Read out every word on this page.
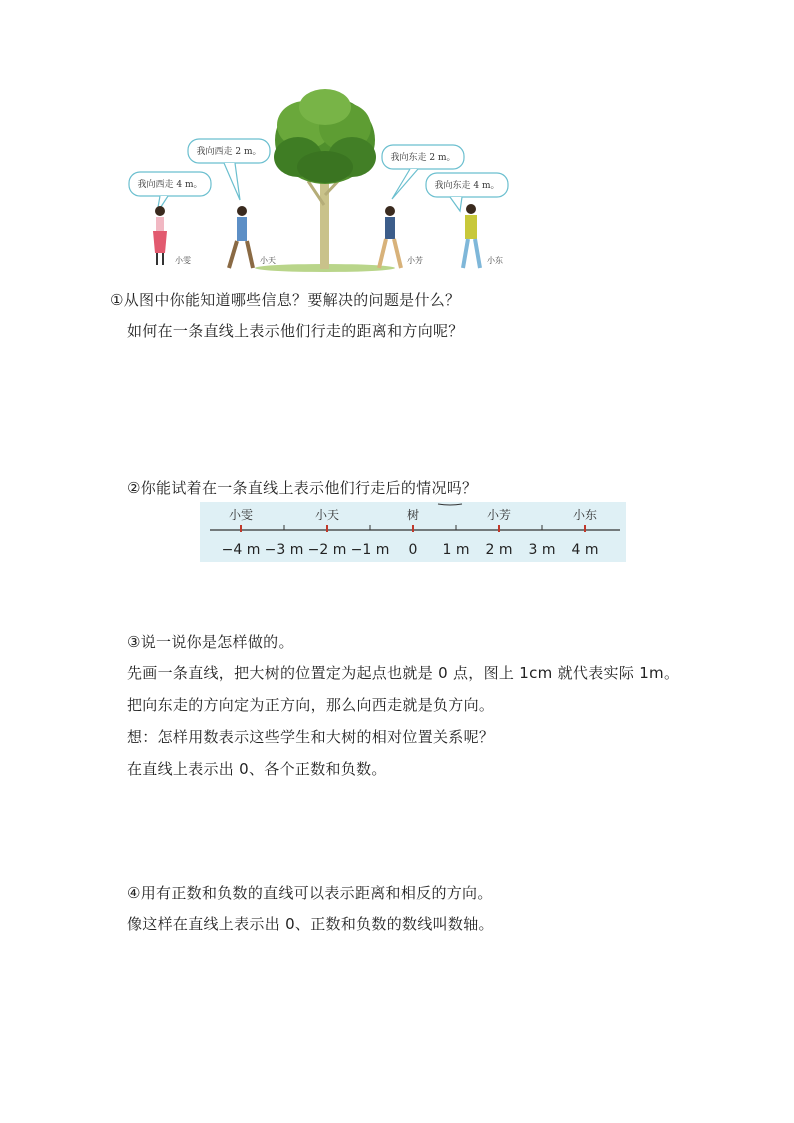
我向西走 4 m。
我向西走 2 m。
我向东走 2 m。
我向东走 4 m。
小雯	小天	小芳	小东
①从图中你能知道哪些信息？要解决的问题是什么？
如何在一条直线上表示他们行走的距离和方向呢？
②你能试着在一条直线上表示他们行走后的情况吗？
小雯	小天	树	小芳	小东
−4 m −3 m −2 m −1 m 0 1 m 2 m 3 m 4 m
③说一说你是怎样做的。
先画一条直线，把大树的位置定为起点也就是 0 点，图上 1cm 就代表实际 1m。
把向东走的方向定为正方向，那么向西走就是负方向。
想：怎样用数表示这些学生和大树的相对位置关系呢？
在直线上表示出 0、各个正数和负数。
④用有正数和负数的直线可以表示距离和相反的方向。
像这样在直线上表示出 0、正数和负数的数线叫数轴。
